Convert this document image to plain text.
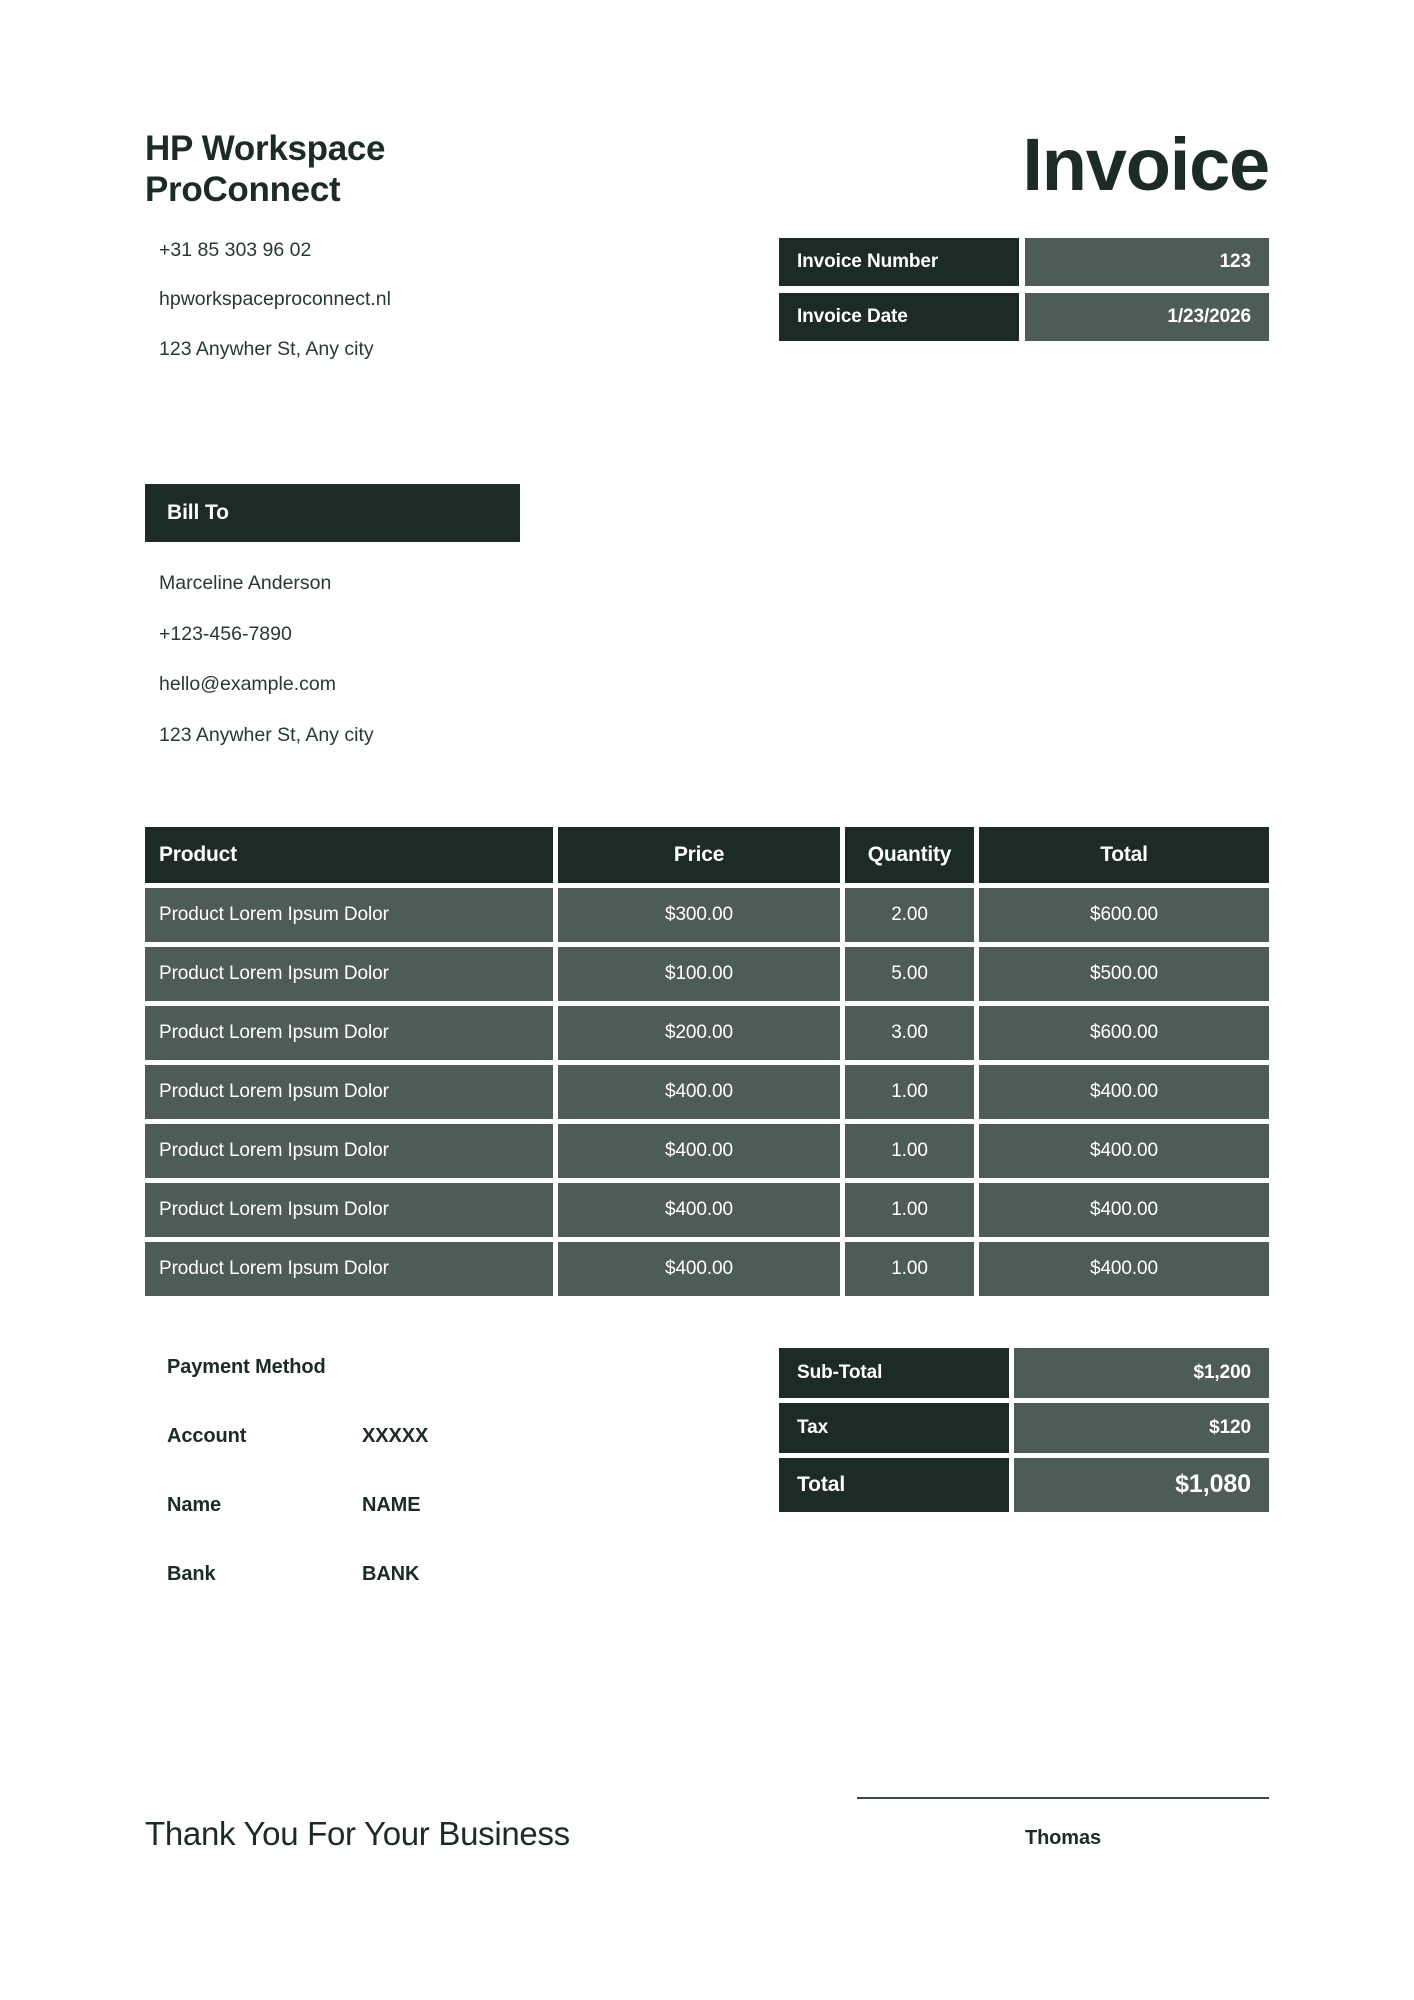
HP Workspace ProConnect
+31 85 303 96 02
hpworkspaceproconnect.nl
123 Anywher St, Any city
Invoice
Invoice Number	123
Invoice Date	1/23/2026
Bill To
Marceline Anderson
+123-456-7890
hello@example.com
123 Anywher St, Any city
Product	Price	Quantity	Total
Product Lorem Ipsum Dolor	$300.00	2.00	$600.00
Product Lorem Ipsum Dolor	$100.00	5.00	$500.00
Product Lorem Ipsum Dolor	$200.00	3.00	$600.00
Product Lorem Ipsum Dolor	$400.00	1.00	$400.00
Product Lorem Ipsum Dolor	$400.00	1.00	$400.00
Product Lorem Ipsum Dolor	$400.00	1.00	$400.00
Product Lorem Ipsum Dolor	$400.00	1.00	$400.00
Payment Method
Account	XXXXX
Name	NAME
Bank	BANK
Sub-Total	$1,200
Tax	$120
Total	$1,080
Thank You For Your Business	Thomas
